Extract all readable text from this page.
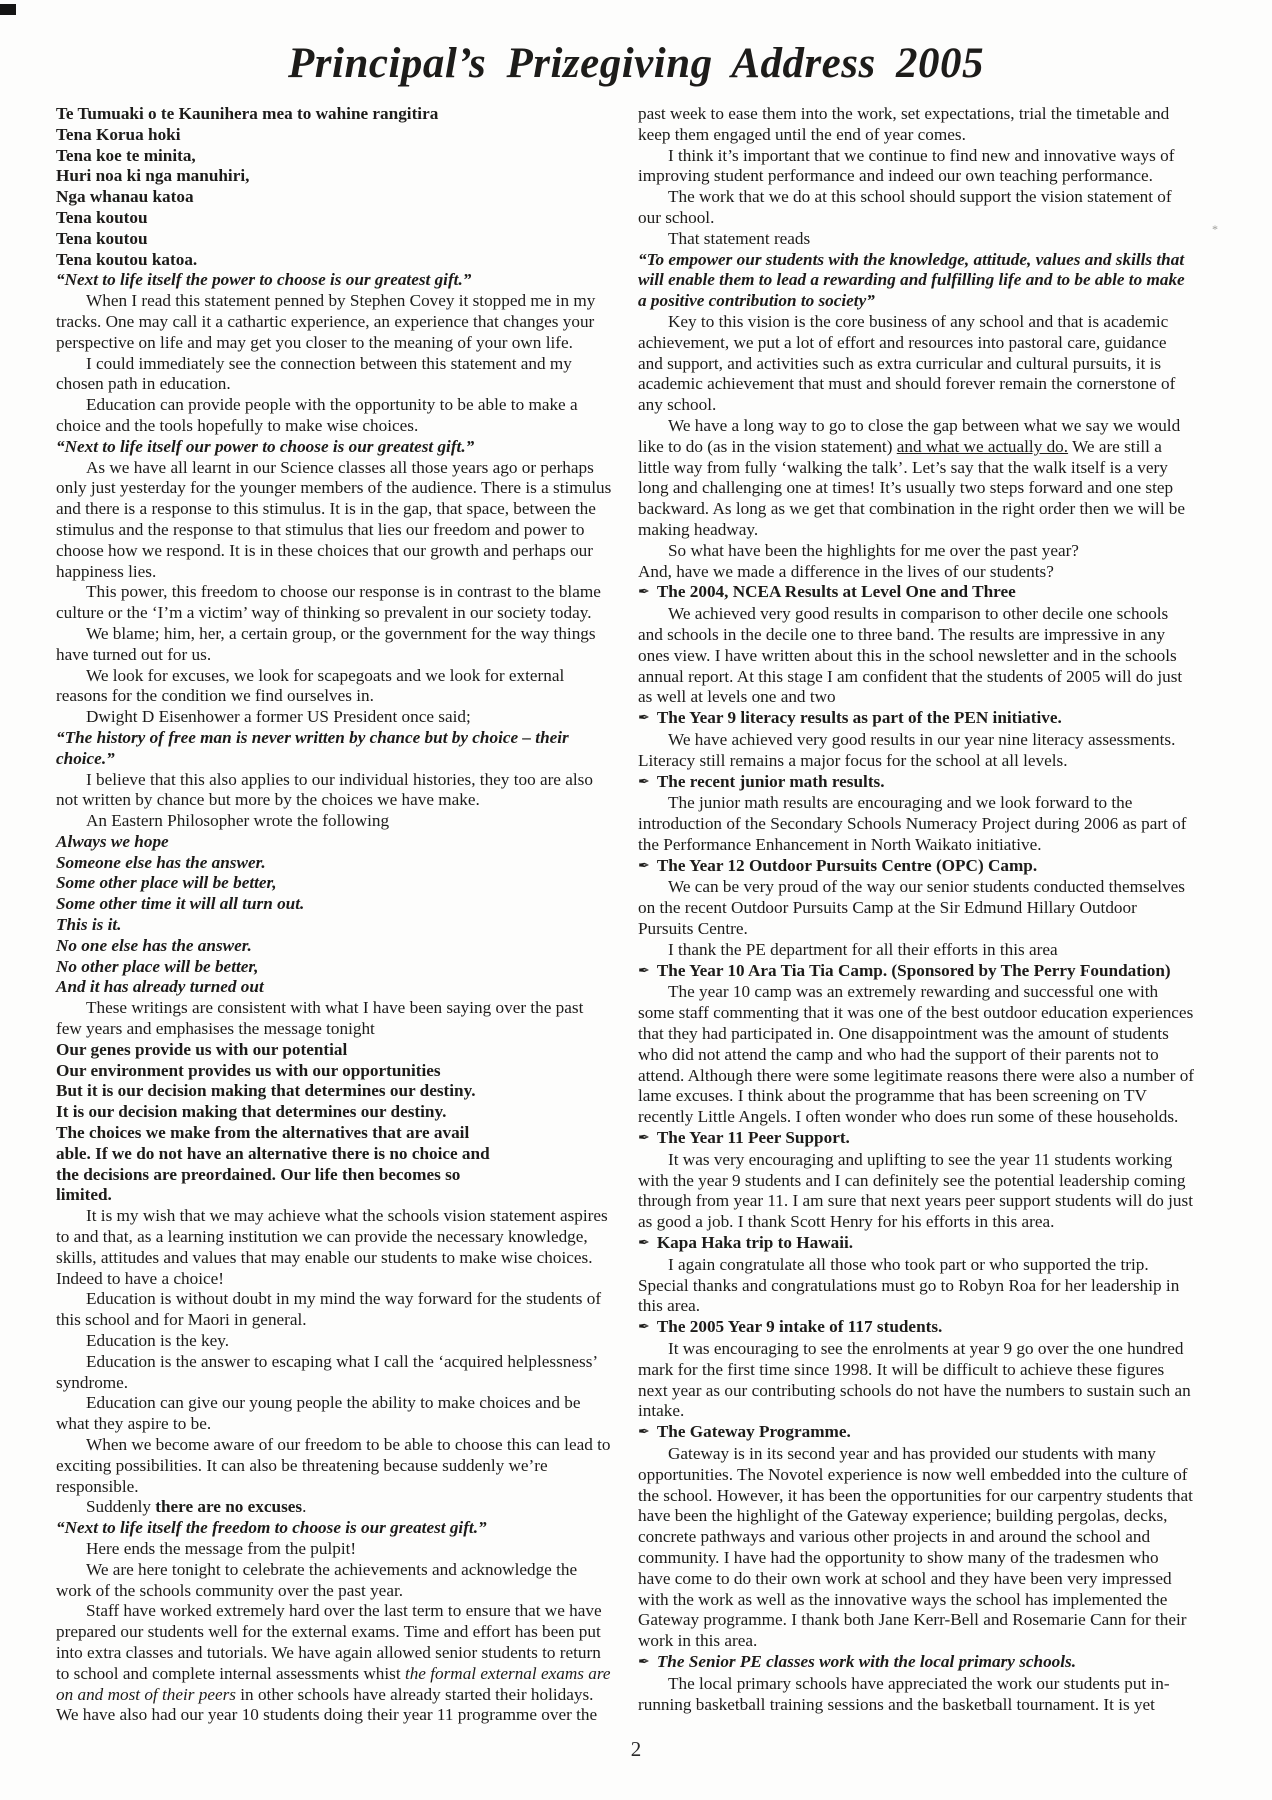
Principal’s Prizegiving Address 2005
*

Te Tumuaki o te Kaunihera mea to wahine rangitira

Tena Korua hoki

Tena koe te minita,

Huri noa ki nga manuhiri,

Nga whanau katoa

Tena koutou

Tena koutou

Tena koutou katoa.

“Next to life itself the power to choose is our greatest gift.”

When I read this statement penned by Stephen Covey it stopped me in my tracks. One may call it a cathartic experience, an experience that changes your perspective on life and may get you closer to the meaning of your own life.

I could immediately see the connection between this statement and my chosen path in education.

Education can provide people with the opportunity to be able to make a choice and the tools hopefully to make wise choices.

“Next to life itself our power to choose is our greatest gift.”

As we have all learnt in our Science classes all those years ago or perhaps only just yesterday for the younger members of the audience. There is a stimulus and there is a response to this stimulus. It is in the gap, that space, between the stimulus and the response to that stimulus that lies our freedom and power to choose how we respond. It is in these choices that our growth and perhaps our happiness lies.

This power, this freedom to choose our response is in contrast to the blame culture or the ‘I’m a victim’ way of thinking so prevalent in our society today.

We blame; him, her, a certain group, or the government for the way things have turned out for us.

We look for excuses, we look for scapegoats and we look for external reasons for the condition we find ourselves in.

Dwight D Eisenhower a former US President once said;

“The history of free man is never written by chance but by choice – their choice.”

I believe that this also applies to our individual histories, they too are also not written by chance but more by the choices we have make.

An Eastern Philosopher wrote the following

Always we hope

Someone else has the answer.

Some other place will be better,

Some other time it will all turn out.

This is it.

No one else has the answer.

No other place will be better,

And it has already turned out

These writings are consistent with what I have been saying over the past few years and emphasises the message tonight

Our genes provide us with our potential

Our environment provides us with our opportunities

But it is our decision making that determines our destiny.

It is our decision making that determines our destiny.

The choices we make from the alternatives that are avail

able. If we do not have an alternative there is no choice and

the decisions are preordained. Our life then becomes so

limited.

It is my wish that we may achieve what the schools vision statement aspires to and that, as a learning institution we can provide the necessary knowledge, skills, attitudes and values that may enable our students to make wise choices. Indeed to have a choice!

Education is without doubt in my mind the way forward for the students of this school and for Maori in general.

Education is the key.

Education is the answer to escaping what I call the ‘acquired helplessness’ syndrome.

Education can give our young people the ability to make choices and be what they aspire to be.

When we become aware of our freedom to be able to choose this can lead to exciting possibilities. It can also be threatening because suddenly we’re responsible.

Suddenly there are no excuses.

“Next to life itself the freedom to choose is our greatest gift.”

Here ends the message from the pulpit!

We are here tonight to celebrate the achievements and acknowledge the work of the schools community over the past year.

Staff have worked extremely hard over the last term to ensure that we have prepared our students well for the external exams. Time and effort has been put into extra classes and tutorials. We have again allowed senior students to return to school and complete internal assessments whist the formal external exams are on and most of their peers in other schools have already started their holidays. We have also had our year 10 students doing their year 11 programme over the

past week to ease them into the work, set expectations, trial the timetable and keep them engaged until the end of year comes.

I think it’s important that we continue to find new and innovative ways of improving student performance and indeed our own teaching performance.

The work that we do at this school should support the vision statement of our school.

That statement reads

“To empower our students with the knowledge, attitude, values and skills that will enable them to lead a rewarding and fulfilling life and to be able to make a positive contribution to society”

Key to this vision is the core business of any school and that is academic achievement, we put a lot of effort and resources into pastoral care, guidance and support, and activities such as extra curricular and cultural pursuits, it is academic achievement that must and should forever remain the cornerstone of any school.

We have a long way to go to close the gap between what we say we would like to do (as in the vision statement) and what we actually do. We are still a little way from fully ‘walking the talk’. Let’s say that the walk itself is a very long and challenging one at times! It’s usually two steps forward and one step backward. As long as we get that combination in the right order then we will be making headway.

So what have been the highlights for me over the past year?

And, have we made a difference in the lives of our students?

✒ The 2004, NCEA Results at Level One and Three

We achieved very good results in comparison to other decile one schools and schools in the decile one to three band. The results are impressive in any ones view. I have written about this in the school newsletter and in the schools annual report. At this stage I am confident that the students of 2005 will do just as well at levels one and two

✒ The Year 9 literacy results as part of the PEN initiative.

We have achieved very good results in our year nine literacy assessments. Literacy still remains a major focus for the school at all levels.

✒ The recent junior math results.

The junior math results are encouraging and we look forward to the introduction of the Secondary Schools Numeracy Project during 2006 as part of the Performance Enhancement in North Waikato initiative.

✒ The Year 12 Outdoor Pursuits Centre (OPC) Camp.

We can be very proud of the way our senior students conducted themselves on the recent Outdoor Pursuits Camp at the Sir Edmund Hillary Outdoor Pursuits Centre.

I thank the PE department for all their efforts in this area

✒ The Year 10 Ara Tia Tia Camp. (Sponsored by The Perry Foundation)

The year 10 camp was an extremely rewarding and successful one with some staff commenting that it was one of the best outdoor education experiences that they had participated in. One disappointment was the amount of students who did not attend the camp and who had the support of their parents not to attend. Although there were some legitimate reasons there were also a number of lame excuses. I think about the programme that has been screening on TV recently Little Angels. I often wonder who does run some of these households.

✒ The Year 11 Peer Support.

It was very encouraging and uplifting to see the year 11 students working with the year 9 students and I can definitely see the potential leadership coming through from year 11. I am sure that next years peer support students will do just as good a job. I thank Scott Henry for his efforts in this area.

✒ Kapa Haka trip to Hawaii.

I again congratulate all those who took part or who supported the trip. Special thanks and congratulations must go to Robyn Roa for her leadership in this area.

✒ The 2005 Year 9 intake of 117 students.

It was encouraging to see the enrolments at year 9 go over the one hundred mark for the first time since 1998. It will be difficult to achieve these figures next year as our contributing schools do not have the numbers to sustain such an intake.

✒ The Gateway Programme.

Gateway is in its second year and has provided our students with many opportunities. The Novotel experience is now well embedded into the culture of the school. However, it has been the opportunities for our carpentry students that have been the highlight of the Gateway experience; building pergolas, decks, concrete pathways and various other projects in and around the school and community. I have had the opportunity to show many of the tradesmen who have come to do their own work at school and they have been very impressed with the work as well as the innovative ways the school has implemented the Gateway programme. I thank both Jane Kerr-Bell and Rosemarie Cann for their work in this area.

✒ The Senior PE classes work with the local primary schools.

The local primary schools have appreciated the work our students put in- running basketball training sessions and the basketball tournament. It is yet

2
